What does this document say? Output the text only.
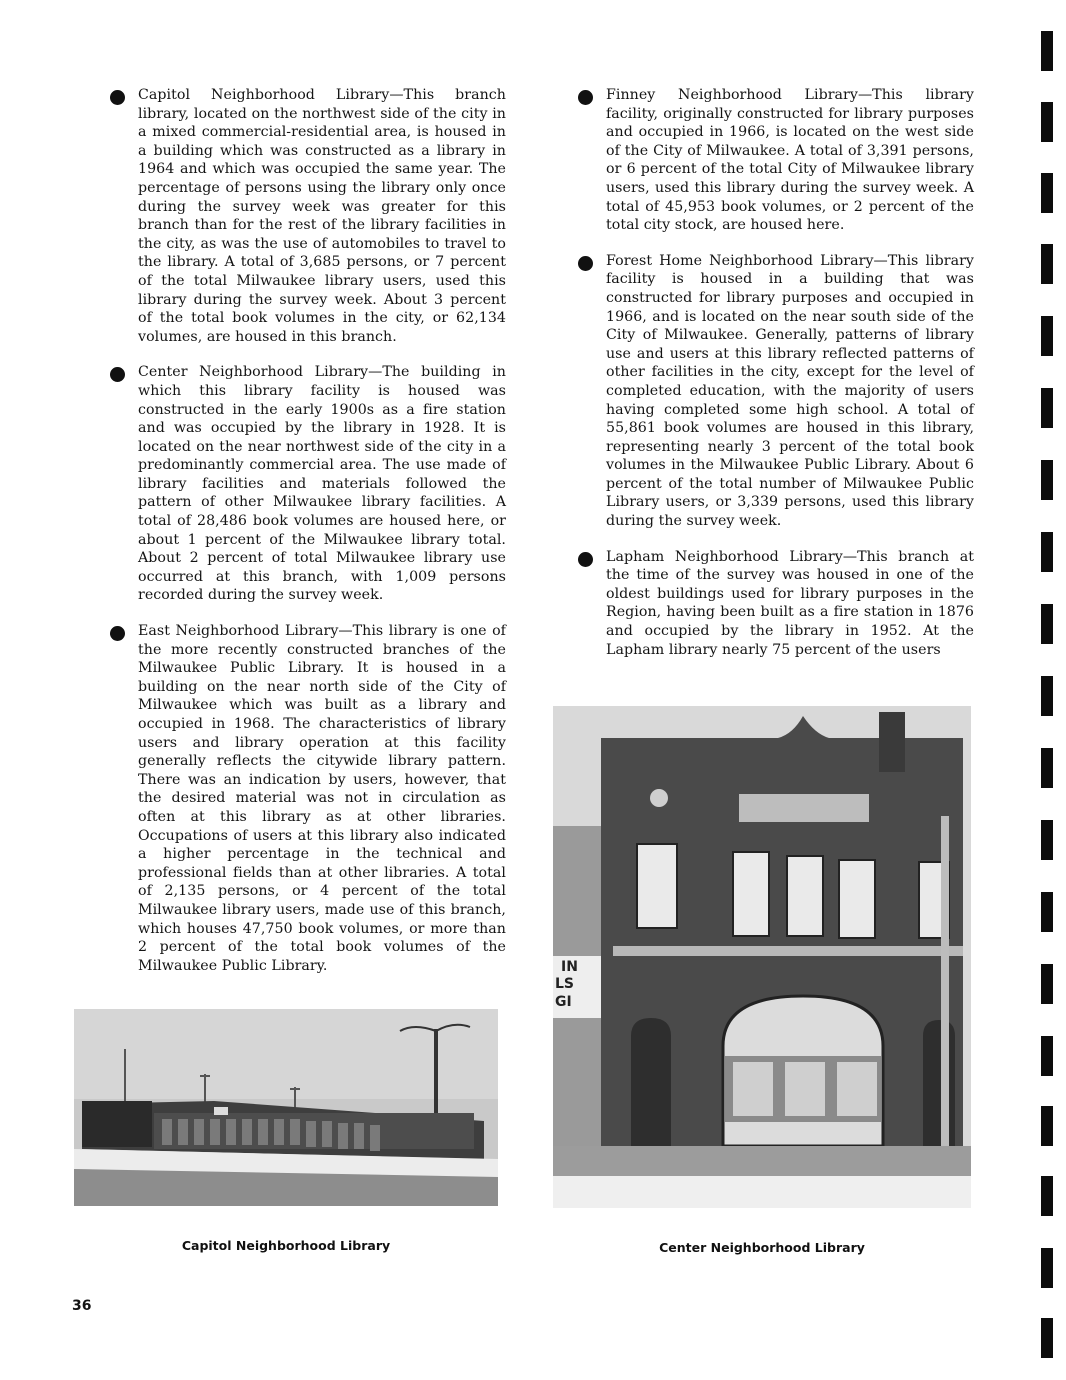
Capitol Neighborhood Library—This branch library, located on the northwest side of the city in a mixed commercial-residential area, is housed in a building which was constructed as a library in 1964 and which was occupied the same year. The percentage of persons using the library only once during the survey week was greater for this branch than for the rest of the library facilities in the city, as was the use of automobiles to travel to the library. A total of 3,685 persons, or 7 percent of the total Milwaukee library users, used this library during the survey week. About 3 percent of the total book volumes in the city, or 62,134 volumes, are housed in this branch.

Center Neighborhood Library—The building in which this library facility is housed was constructed in the early 1900s as a fire station and was occupied by the library in 1928. It is located on the near northwest side of the city in a predominantly commercial area. The use made of library facilities and materials followed the pattern of other Milwaukee library facilities. A total of 28,486 book volumes are housed here, or about 1 percent of the Milwaukee library total. About 2 percent of total Milwaukee library use occurred at this branch, with 1,009 persons recorded during the survey week.

East Neighborhood Library—This library is one of the more recently constructed branches of the Milwaukee Public Library. It is housed in a building on the near north side of the City of Milwaukee which was built as a library and occupied in 1968. The characteristics of library users and library operation at this facility generally reflects the citywide library pattern. There was an indication by users, however, that the desired material was not in circulation as often at this library as at other libraries. Occupations of users at this library also indicated a higher percentage in the technical and professional fields than at other libraries. A total of 2,135 persons, or 4 percent of the total Milwaukee library users, made use of this branch, which houses 47,750 book volumes, or more than 2 percent of the total book volumes of the Milwaukee Public Library.

Finney Neighborhood Library—This library facility, originally constructed for library purposes and occupied in 1966, is located on the west side of the City of Milwaukee. A total of 3,391 persons, or 6 percent of the total City of Milwaukee library users, used this library during the survey week. A total of 45,953 book volumes, or 2 percent of the total city stock, are housed here.

Forest Home Neighborhood Library—This library facility is housed in a building that was constructed for library purposes and occupied in 1966, and is located on the near south side of the City of Milwaukee. Generally, patterns of library use and users at this library reflected patterns of other facilities in the city, except for the level of completed education, with the majority of users having completed some high school. A total of 55,861 book volumes are housed in this library, representing nearly 3 percent of the total book volumes in the Milwaukee Public Library. About 6 percent of the total number of Milwaukee Public Library users, or 3,339 persons, used this library during the survey week.

Lapham Neighborhood Library—This branch at the time of the survey was housed in one of the oldest buildings used for library purposes in the Region, having been built as a fire station in 1876 and occupied by the library in 1952. At the Lapham library nearly 75 percent of the users

IN
LS
GI
Capitol Neighborhood Library	Center Neighborhood Library
36
